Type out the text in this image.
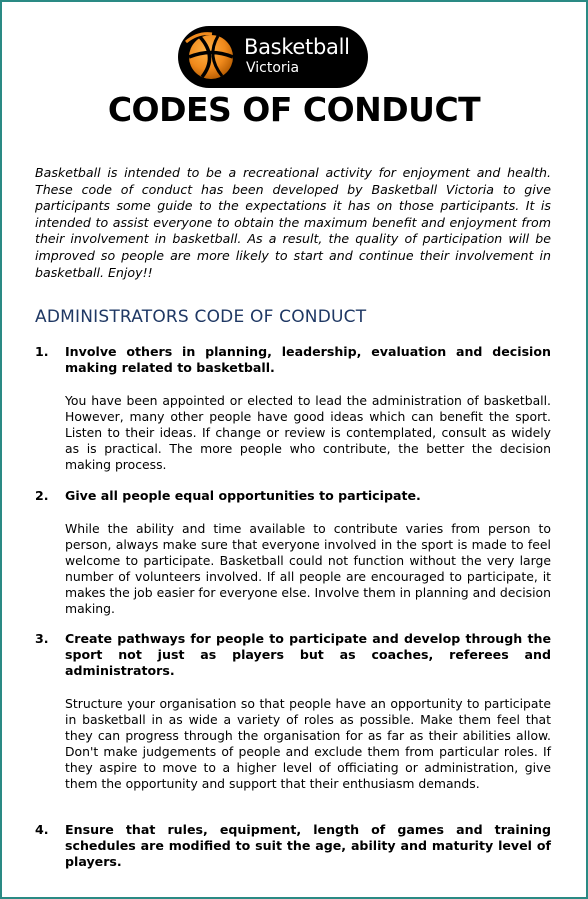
Basketball
Victoria
CODES OF CONDUCT

Basketball is intended to be a recreational activity for enjoyment and health. These code of conduct has been developed by Basketball Victoria to give participants some guide to the expectations it has on those participants. It is intended to assist everyone to obtain the maximum benefit and enjoyment from their involvement in basketball. As a result, the quality of participation will be improved so people are more likely to start and continue their involvement in basketball. Enjoy!!

ADMINISTRATORS CODE OF CONDUCT
1. Involve others in planning, leadership, evaluation and decision making related to basketball.

You have been appointed or elected to lead the administration of basketball. However, many other people have good ideas which can benefit the sport. Listen to their ideas. If change or review is contemplated, consult as widely as is practical. The more people who contribute, the better the decision making process.

2. Give all people equal opportunities to participate.

While the ability and time available to contribute varies from person to person, always make sure that everyone involved in the sport is made to feel welcome to participate. Basketball could not function without the very large number of volunteers involved. If all people are encouraged to participate, it makes the job easier for everyone else. Involve them in planning and decision making.

3. Create pathways for people to participate and develop through the sport not just as players but as coaches, referees and administrators.

Structure your organisation so that people have an opportunity to participate in basketball in as wide a variety of roles as possible. Make them feel that they can progress through the organisation for as far as their abilities allow. Don't make judgements of people and exclude them from particular roles. If they aspire to move to a higher level of officiating or administration, give them the opportunity and support that their enthusiasm demands.

4. Ensure that rules, equipment, length of games and training schedules are modified to suit the age, ability and maturity level of players.
